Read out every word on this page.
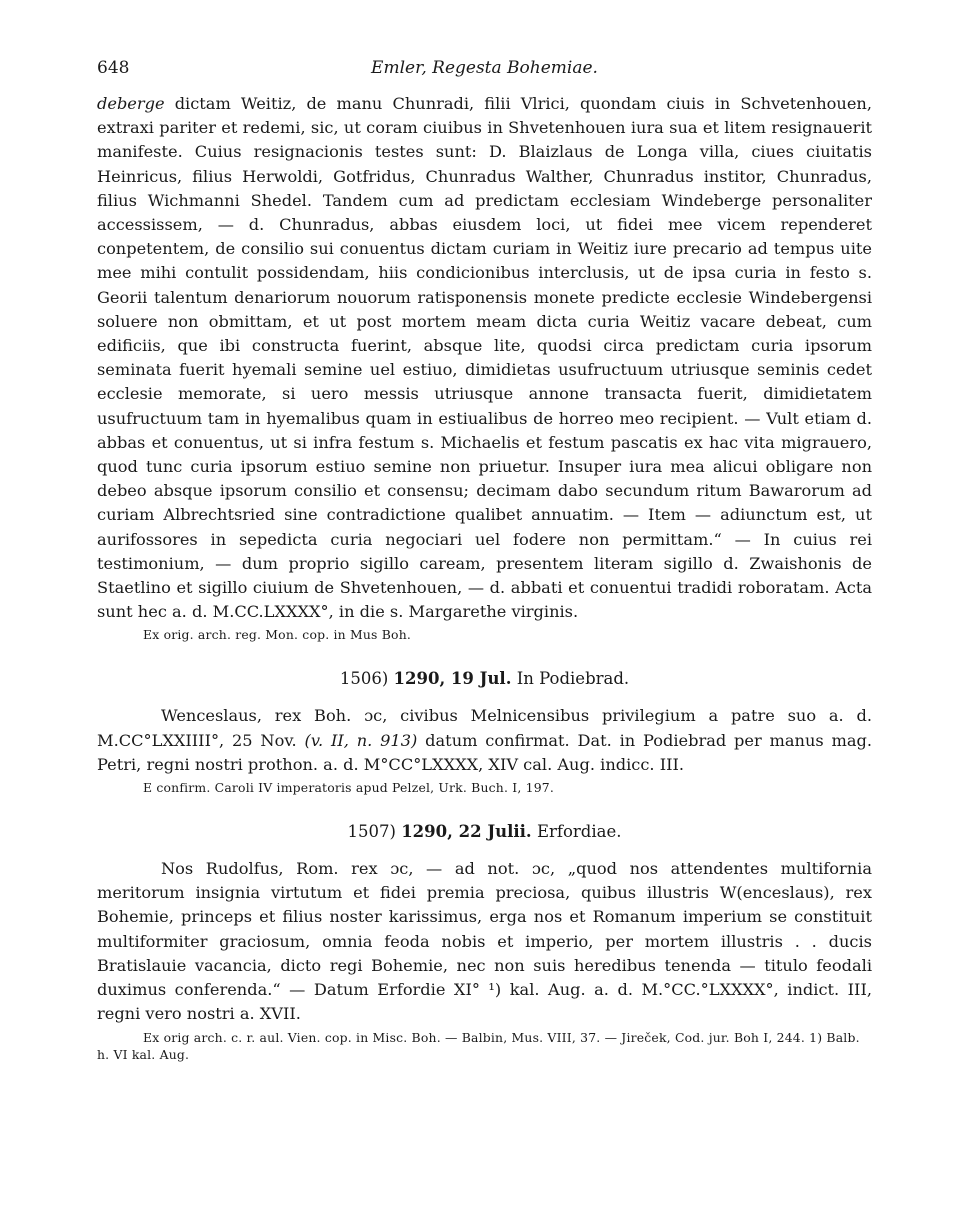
648	Emler, Regesta Bohemiae.

deberge dictam Weitiz, de manu Chunradi, filii Vlrici, quondam ciuis in Schvetenhouen, extraxi pariter et redemi, sic, ut coram ciuibus in Shvetenhouen iura sua et litem resignauerit manifeste. Cuius resignacionis testes sunt: D. Blaizlaus de Longa villa, ciues ciuitatis Heinricus, filius Herwoldi, Gotfridus, Chunradus Walther, Chunradus institor, Chunradus, filius Wichmanni Shedel. Tandem cum ad predictam ecclesiam Windeberge personaliter accessissem, — d. Chunradus, abbas eiusdem loci, ut fidei mee vicem rependeret conpetentem, de consilio sui conuentus dictam curiam in Weitiz iure precario ad tempus uite mee mihi contulit possidendam, hiis condicionibus interclusis, ut de ipsa curia in festo s. Georii talentum denariorum nouorum ratisponensis monete predicte ecclesie Windebergensi soluere non obmittam, et ut post mortem meam dicta curia Weitiz vacare debeat, cum edificiis, que ibi constructa fuerint, absque lite, quodsi circa predictam curia ipsorum seminata fuerit hyemali semine uel estiuo, dimidietas usufructuum utriusque seminis cedet ecclesie memorate, si uero messis utriusque annone transacta fuerit, dimidietatem usufructuum tam in hyemalibus quam in estiualibus de horreo meo recipient. — Vult etiam d. abbas et conuentus, ut si infra festum s. Michaelis et festum pascatis ex hac vita migrauero, quod tunc curia ipsorum estiuo semine non priuetur. Insuper iura mea alicui obligare non debeo absque ipsorum consilio et consensu; decimam dabo secundum ritum Bawarorum ad curiam Albrechtsried sine contradictione qualibet annuatim. — Item — adiunctum est, ut aurifossores in sepedicta curia negociari uel fodere non permittam.“ — In cuius rei testimonium, — dum proprio sigillo caream, presentem literam sigillo d. Zwaishonis de Staetlino et sigillo ciuium de Shvetenhouen, — d. abbati et conuentui tradidi roboratam. Acta sunt hec a. d. M.CC.LXXXX°, in die s. Margarethe virginis.

Ex orig. arch. reg. Mon. cop. in Mus Boh.

1506) 1290, 19 Jul. In Podiebrad.

Wenceslaus, rex Boh. ɔc, civibus Melnicensibus privilegium a patre suo a. d. M.CC°LXXIIII°, 25 Nov. (v. II, n. 913) datum confirmat. Dat. in Podiebrad per manus mag. Petri, regni nostri prothon. a. d. M°CC°LXXXX, XIV cal. Aug. indicc. III.

E confirm. Caroli IV imperatoris apud Pelzel, Urk. Buch. I, 197.

1507) 1290, 22 Julii. Erfordiae.

Nos Rudolfus, Rom. rex ɔc, — ad not. ɔc, „quod nos attendentes multifornia meritorum insignia virtutum et fidei premia preciosa, quibus illustris W(enceslaus), rex Bohemie, princeps et filius noster karissimus, erga nos et Romanum imperium se constituit multiformiter graciosum, omnia feoda nobis et imperio, per mortem illustris . . ducis Bratislauie vacancia, dicto regi Bohemie, nec non suis heredibus tenenda — titulo feodali duximus conferenda.“ — Datum Erfordie XI° ¹) kal. Aug. a. d. M.°CC.°LXXXX°, indict. III, regni vero nostri a. XVII.

Ex orig arch. c. r. aul. Vien. cop. in Misc. Boh. — Balbin, Mus. VIII, 37. — Jireček, Cod. jur. Boh I, 244. 1) Balb. h. VI kal. Aug.
